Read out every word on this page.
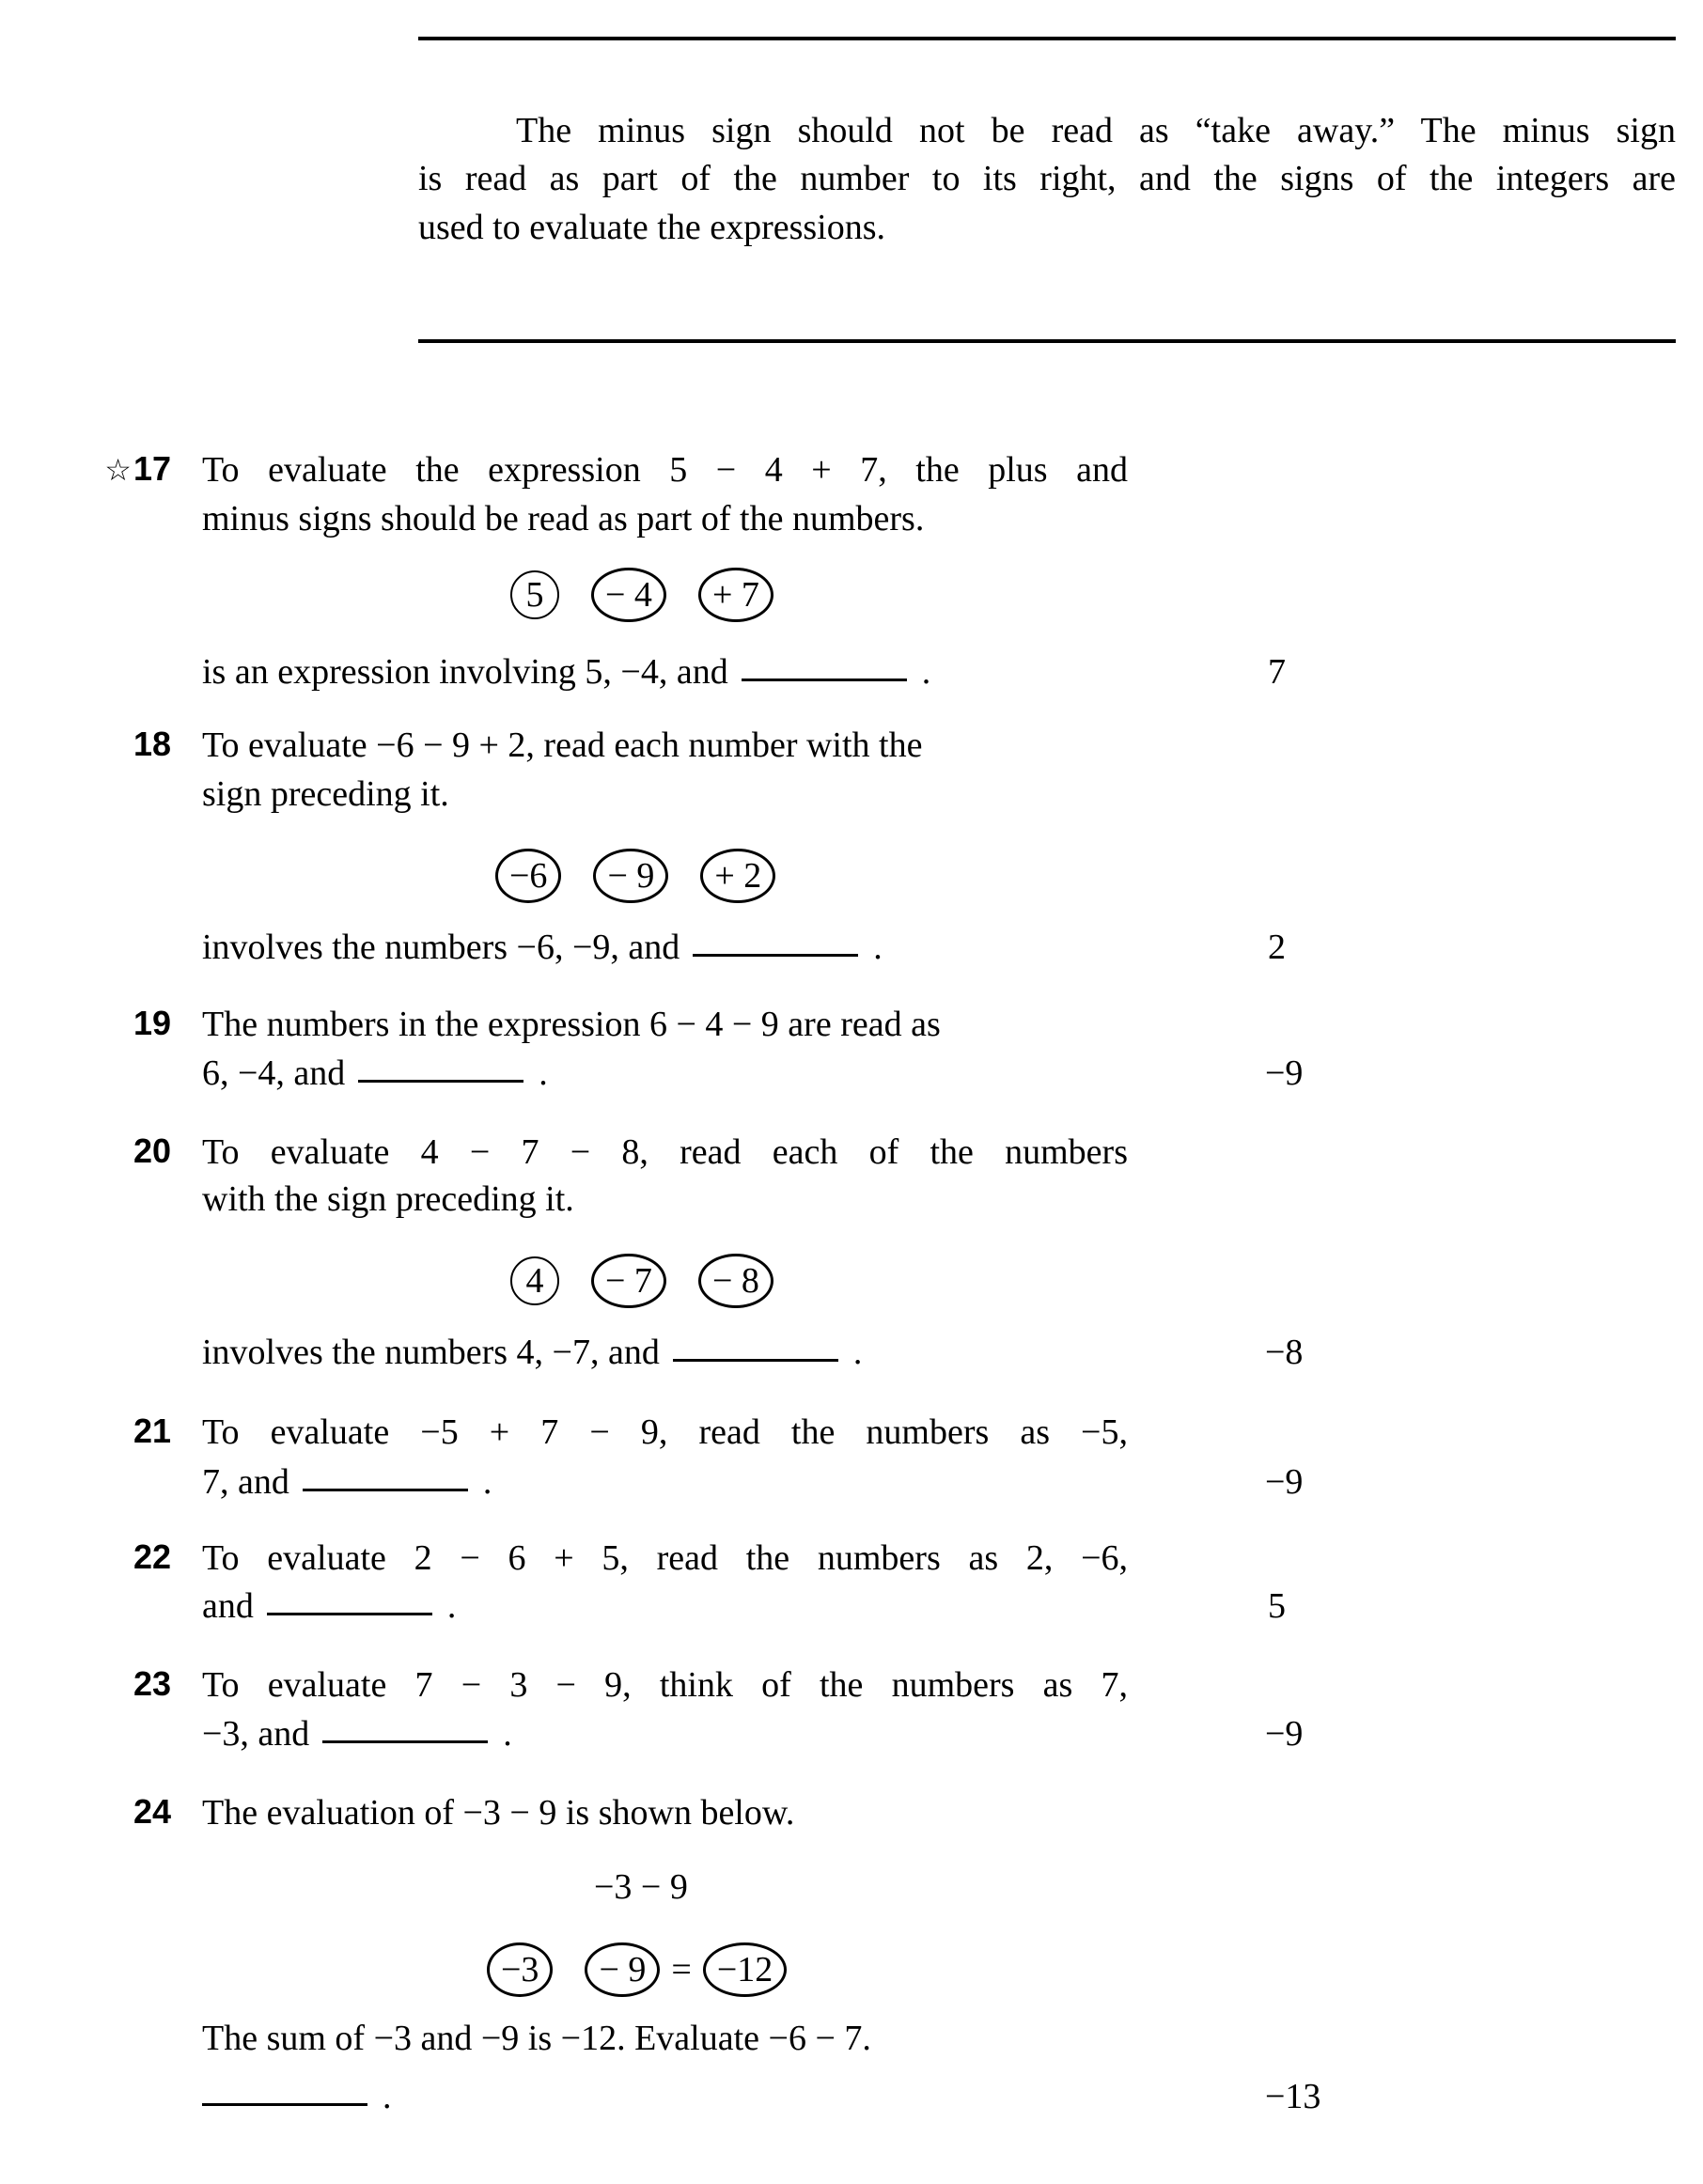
The minus sign should not be read as “take away.” The minus sign
is read as part of the number to its right, and the signs of the integers are
used to evaluate the expressions.
☆17 To evaluate the expression 5 − 4 + 7, the plus and
minus signs should be read as part of the numbers.
5	− 4	+ 7
is an expression involving 5, −4, and	.	7
18 To evaluate −6 − 9 + 2, read each number with the
sign preceding it.
−6	− 9	+ 2
involves the numbers −6, −9, and	.	2
19 The numbers in the expression 6 − 4 − 9 are read as
6, −4, and	.	−9
20 To evaluate 4 − 7 − 8, read each of the numbers
with the sign preceding it.
4	− 7	− 8
involves the numbers 4, −7, and	.	−8
21 To evaluate −5 + 7 − 9, read the numbers as −5,
7, and	.	−9
22 To evaluate 2 − 6 + 5, read the numbers as 2, −6,
and	.	5
23 To evaluate 7 − 3 − 9, think of the numbers as 7,
−3, and	.	−9
24 The evaluation of −3 − 9 is shown below.
−3 − 9
−3	− 9 = −12
The sum of −3 and −9 is −12. Evaluate −6 − 7.
.	−13
